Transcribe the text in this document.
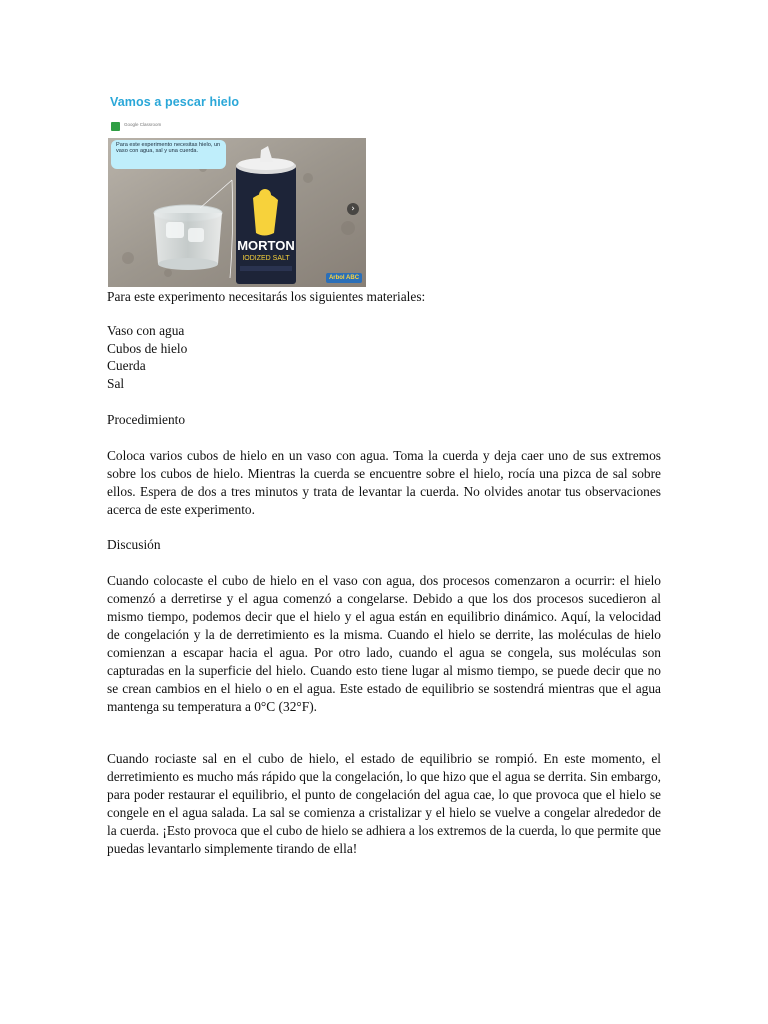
Vamos a pescar hielo
Google Classroom
MORTON
IODIZED SALT
Para este experimento necesitas hielo, un vaso con agua, sal y una cuerda.
›
Arbol ABC

Para este experimento necesitarás los siguientes materiales:

Vaso con agua
Cubos de hielo
Cuerda
Sal

Procedimiento

Coloca varios cubos de hielo en un vaso con agua. Toma la cuerda y deja caer uno de sus extremos sobre los cubos de hielo. Mientras la cuerda se encuentre sobre el hielo, rocía una pizca de sal sobre ellos. Espera de dos a tres minutos y trata de levantar la cuerda. No olvides anotar tus observaciones acerca de este experimento.

Discusión

Cuando colocaste el cubo de hielo en el vaso con agua, dos procesos comenzaron a ocurrir: el hielo comenzó a derretirse y el agua comenzó a congelarse. Debido a que los dos procesos sucedieron al mismo tiempo, podemos decir que el hielo y el agua están en equilibrio dinámico. Aquí, la velocidad de congelación y la de derretimiento es la misma. Cuando el hielo se derrite, las moléculas de hielo comienzan a escapar hacia el agua. Por otro lado, cuando el agua se congela, sus moléculas son capturadas en la superficie del hielo. Cuando esto tiene lugar al mismo tiempo, se puede decir que no se crean cambios en el hielo o en el agua. Este estado de equilibrio se sostendrá mientras que el agua mantenga su temperatura a 0°C (32°F).

Cuando rociaste sal en el cubo de hielo, el estado de equilibrio se rompió. En este momento, el derretimiento es mucho más rápido que la congelación, lo que hizo que el agua se derrita. Sin embargo, para poder restaurar el equilibrio, el punto de congelación del agua cae, lo que provoca que el hielo se congele en el agua salada. La sal se comienza a cristalizar y el hielo se vuelve a congelar alrededor de la cuerda. ¡Esto provoca que el cubo de hielo se adhiera a los extremos de la cuerda, lo que permite que puedas levantarlo simplemente tirando de ella!
